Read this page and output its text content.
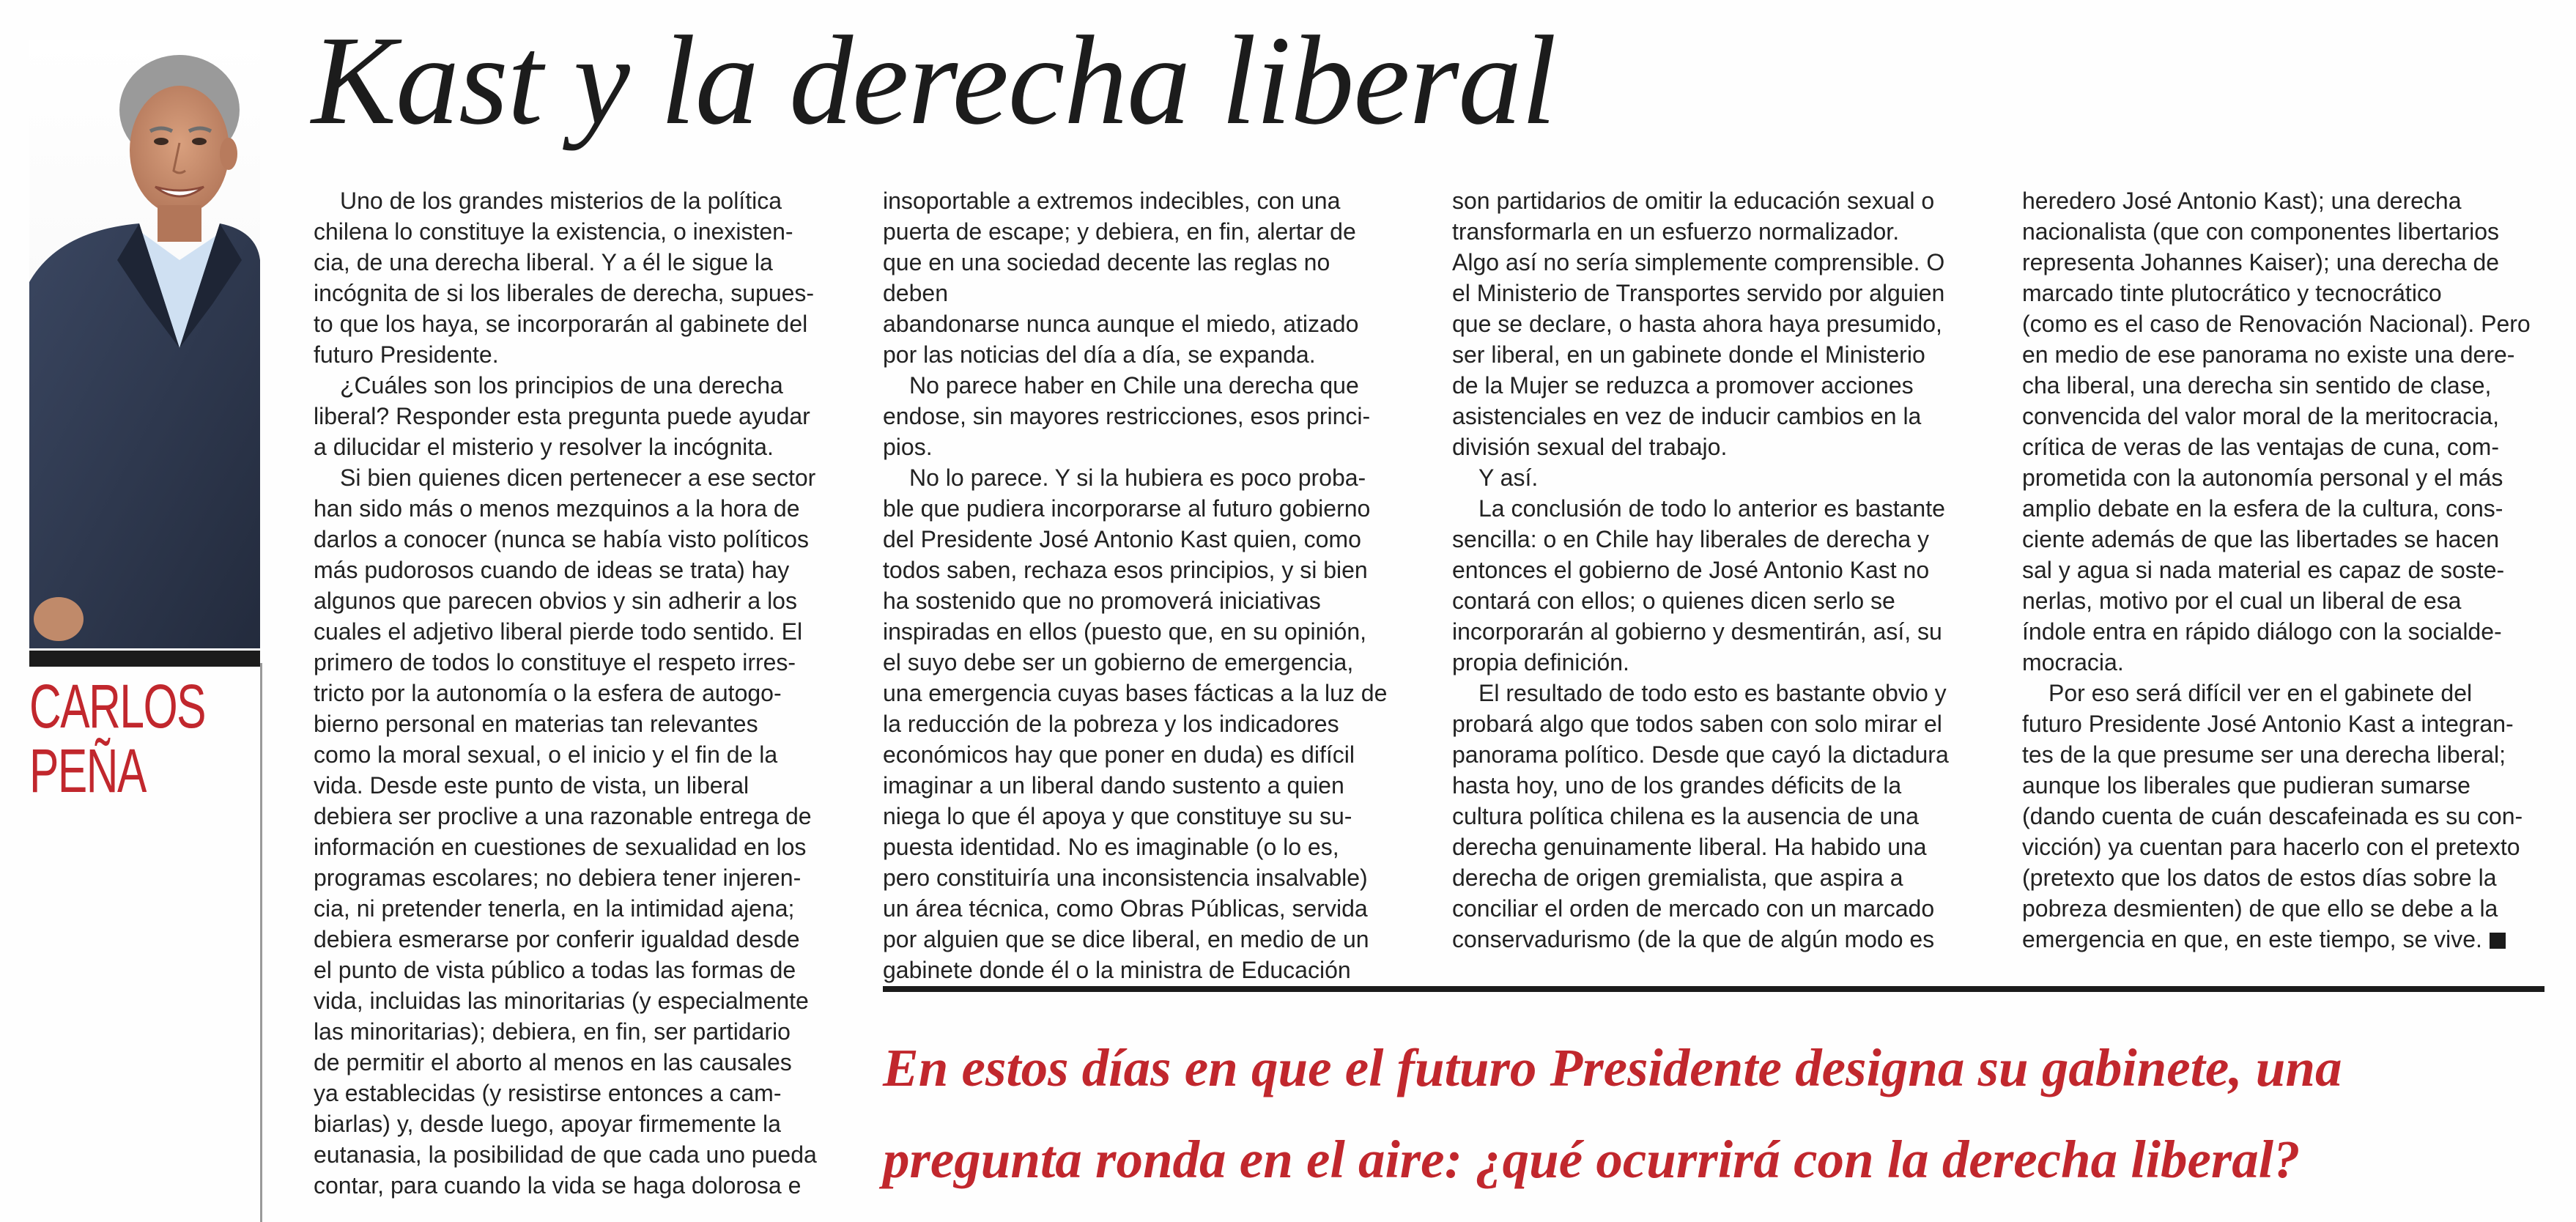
CARLOS
PEÑA
Kast y la derecha liberal

Uno de los grandes misterios de la política
chilena lo constituye la existencia, o inexisten-
cia, de una derecha liberal. Y a él le sigue la
incógnita de si los liberales de derecha, supues-
to que los haya, se incorporarán al gabinete del
futuro Presidente.

¿Cuáles son los principios de una derecha
liberal? Responder esta pregunta puede ayudar
a dilucidar el misterio y resolver la incógnita.

Si bien quienes dicen pertenecer a ese sector
han sido más o menos mezquinos a la hora de
darlos a conocer (nunca se había visto políticos
más pudorosos cuando de ideas se trata) hay
algunos que parecen obvios y sin adherir a los
cuales el adjetivo liberal pierde todo sentido. El
primero de todos lo constituye el respeto irres-
tricto por la autonomía o la esfera de autogo-
bierno personal en materias tan relevantes
como la moral sexual, o el inicio y el fin de la
vida. Desde este punto de vista, un liberal
debiera ser proclive a una razonable entrega de
información en cuestiones de sexualidad en los
programas escolares; no debiera tener injeren-
cia, ni pretender tenerla, en la intimidad ajena;
debiera esmerarse por conferir igualdad desde
el punto de vista público a todas las formas de
vida, incluidas las minoritarias (y especialmente
las minoritarias); debiera, en fin, ser partidario
de permitir el aborto al menos en las causales
ya establecidas (y resistirse entonces a cam-
biarlas) y, desde luego, apoyar firmemente la
eutanasia, la posibilidad de que cada uno pueda
contar, para cuando la vida se haga dolorosa e

insoportable a extremos indecibles, con una
puerta de escape; y debiera, en fin, alertar de
que en una sociedad decente las reglas no deben
abandonarse nunca aunque el miedo, atizado
por las noticias del día a día, se expanda.

No parece haber en Chile una derecha que
endose, sin mayores restricciones, esos princi-
pios.

No lo parece. Y si la hubiera es poco proba-
ble que pudiera incorporarse al futuro gobierno
del Presidente José Antonio Kast quien, como
todos saben, rechaza esos principios, y si bien
ha sostenido que no promoverá iniciativas
inspiradas en ellos (puesto que, en su opinión,
el suyo debe ser un gobierno de emergencia,
una emergencia cuyas bases fácticas a la luz de
la reducción de la pobreza y los indicadores
económicos hay que poner en duda) es difícil
imaginar a un liberal dando sustento a quien
niega lo que él apoya y que constituye su su-
puesta identidad. No es imaginable (o lo es,
pero constituiría una inconsistencia insalvable)
un área técnica, como Obras Públicas, servida
por alguien que se dice liberal, en medio de un
gabinete donde él o la ministra de Educación

son partidarios de omitir la educación sexual o
transformarla en un esfuerzo normalizador.
Algo así no sería simplemente comprensible. O
el Ministerio de Transportes servido por alguien
que se declare, o hasta ahora haya presumido,
ser liberal, en un gabinete donde el Ministerio
de la Mujer se reduzca a promover acciones
asistenciales en vez de inducir cambios en la
división sexual del trabajo.

Y así.

La conclusión de todo lo anterior es bastante
sencilla: o en Chile hay liberales de derecha y
entonces el gobierno de José Antonio Kast no
contará con ellos; o quienes dicen serlo se
incorporarán al gobierno y desmentirán, así, su
propia definición.

El resultado de todo esto es bastante obvio y
probará algo que todos saben con solo mirar el
panorama político. Desde que cayó la dictadura
hasta hoy, uno de los grandes déficits de la
cultura política chilena es la ausencia de una
derecha genuinamente liberal. Ha habido una
derecha de origen gremialista, que aspira a
conciliar el orden de mercado con un marcado
conservadurismo (de la que de algún modo es

heredero José Antonio Kast); una derecha
nacionalista (que con componentes libertarios
representa Johannes Kaiser); una derecha de
marcado tinte plutocrático y tecnocrático
(como es el caso de Renovación Nacional). Pero
en medio de ese panorama no existe una dere-
cha liberal, una derecha sin sentido de clase,
convencida del valor moral de la meritocracia,
crítica de veras de las ventajas de cuna, com-
prometida con la autonomía personal y el más
amplio debate en la esfera de la cultura, cons-
ciente además de que las libertades se hacen
sal y agua si nada material es capaz de soste-
nerlas, motivo por el cual un liberal de esa
índole entra en rápido diálogo con la socialde-
mocracia.

Por eso será difícil ver en el gabinete del
futuro Presidente José Antonio Kast a integran-
tes de la que presume ser una derecha liberal;
aunque los liberales que pudieran sumarse
(dando cuenta de cuán descafeinada es su con-
vicción) ya cuentan para hacerlo con el pretexto
(pretexto que los datos de estos días sobre la
pobreza desmienten) de que ello se debe a la
emergencia en que, en este tiempo, se vive.

En estos días en que el futuro Presidente designa su gabinete, una
pregunta ronda en el aire: ¿qué ocurrirá con la derecha liberal?
